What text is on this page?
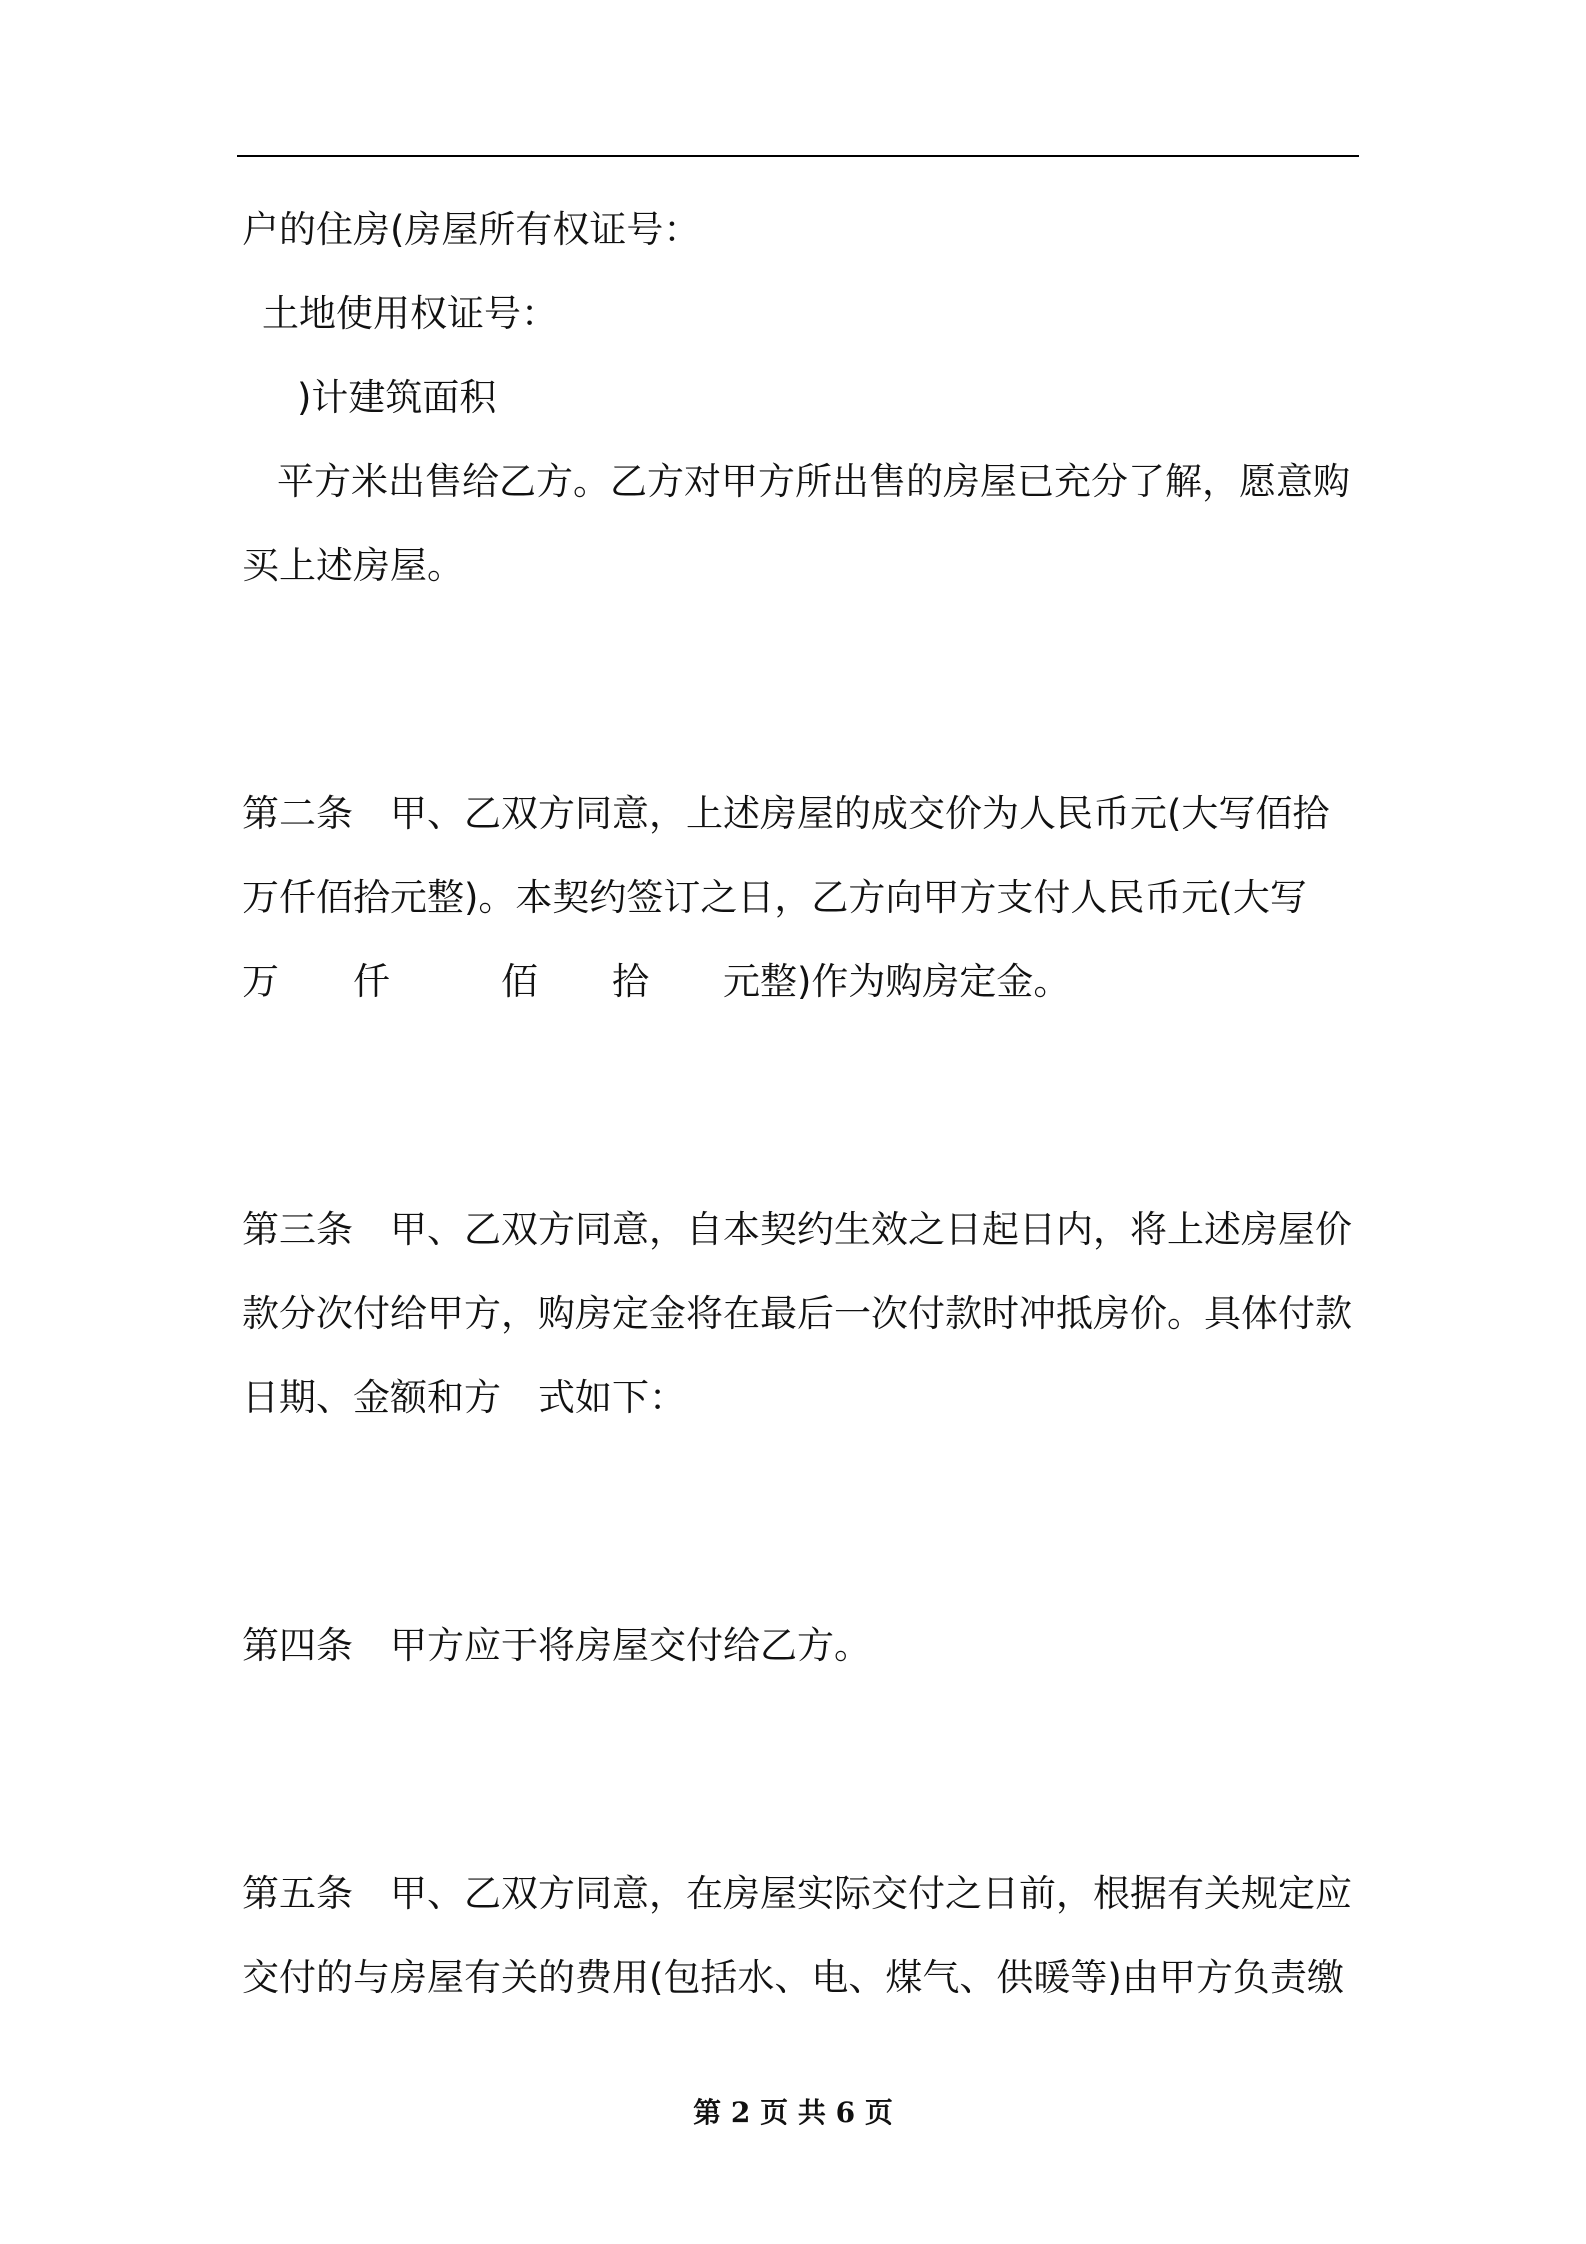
户的住房(房屋所有权证号：

土地使用权证号：

)计建筑面积

平方米出售给乙方。乙方对甲方所出售的房屋已充分了解，愿意购

买上述房屋。

第二条　甲、乙双方同意，上述房屋的成交价为人民币元(大写佰拾

万仟佰拾元整)。本契约签订之日，乙方向甲方支付人民币元(大写

万　　仟　　　佰　　拾　　元整)作为购房定金。

第三条　甲、乙双方同意，自本契约生效之日起日内，将上述房屋价

款分次付给甲方，购房定金将在最后一次付款时冲抵房价。具体付款

日期、金额和方　式如下：

第四条　甲方应于将房屋交付给乙方。

第五条　甲、乙双方同意，在房屋实际交付之日前，根据有关规定应

交付的与房屋有关的费用(包括水、电、煤气、供暖等)由甲方负责缴

第 2 页 共 6 页
